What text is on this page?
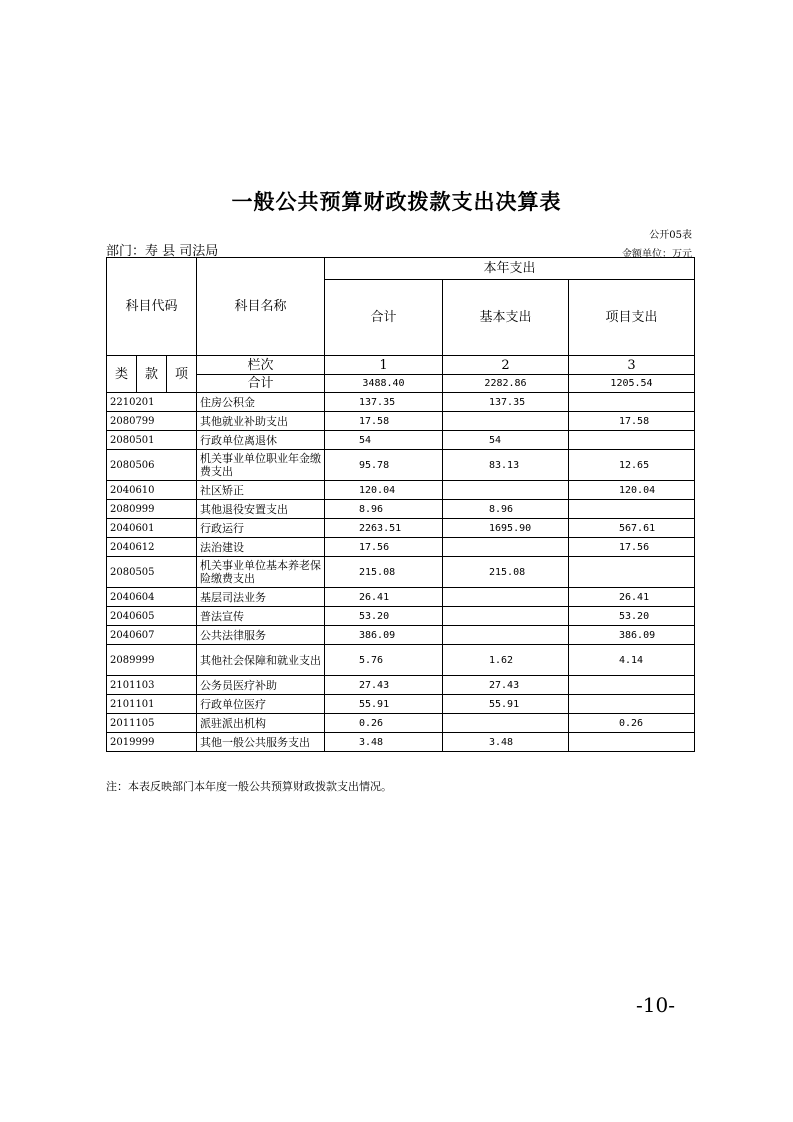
一般公共预算财政拨款支出决算表
公开05表
部门：寿 县 司法局	金额单位：万元
科目代码			科目名称	本年支出		
				合计	基本支出	项目支出
类	款	项	栏次	1	2	3
			合计	3488.40	2282.86	1205.54
2210201			住房公积金	137.35	137.35	
2080799			其他就业补助支出	17.58		17.58
2080501			行政单位离退休	54	54	
2080506			机关事业单位职业年金缴费支出	95.78	83.13	12.65
2040610			社区矫正	120.04		120.04
2080999			其他退役安置支出	8.96	8.96	
2040601			行政运行	2263.51	1695.90	567.61
2040612			法治建设	17.56		17.56
2080505			机关事业单位基本养老保险缴费支出	215.08	215.08	
2040604			基层司法业务	26.41		26.41
2040605			普法宣传	53.20		53.20
2040607			公共法律服务	386.09		386.09
2089999			其他社会保障和就业支出	5.76	1.62	4.14
2101103			公务员医疗补助	27.43	27.43	
2101101			行政单位医疗	55.91	55.91	
2011105			派驻派出机构	0.26		0.26
2019999			其他一般公共服务支出	3.48	3.48	
注：本表反映部门本年度一般公共预算财政拨款支出情况。
-10-
